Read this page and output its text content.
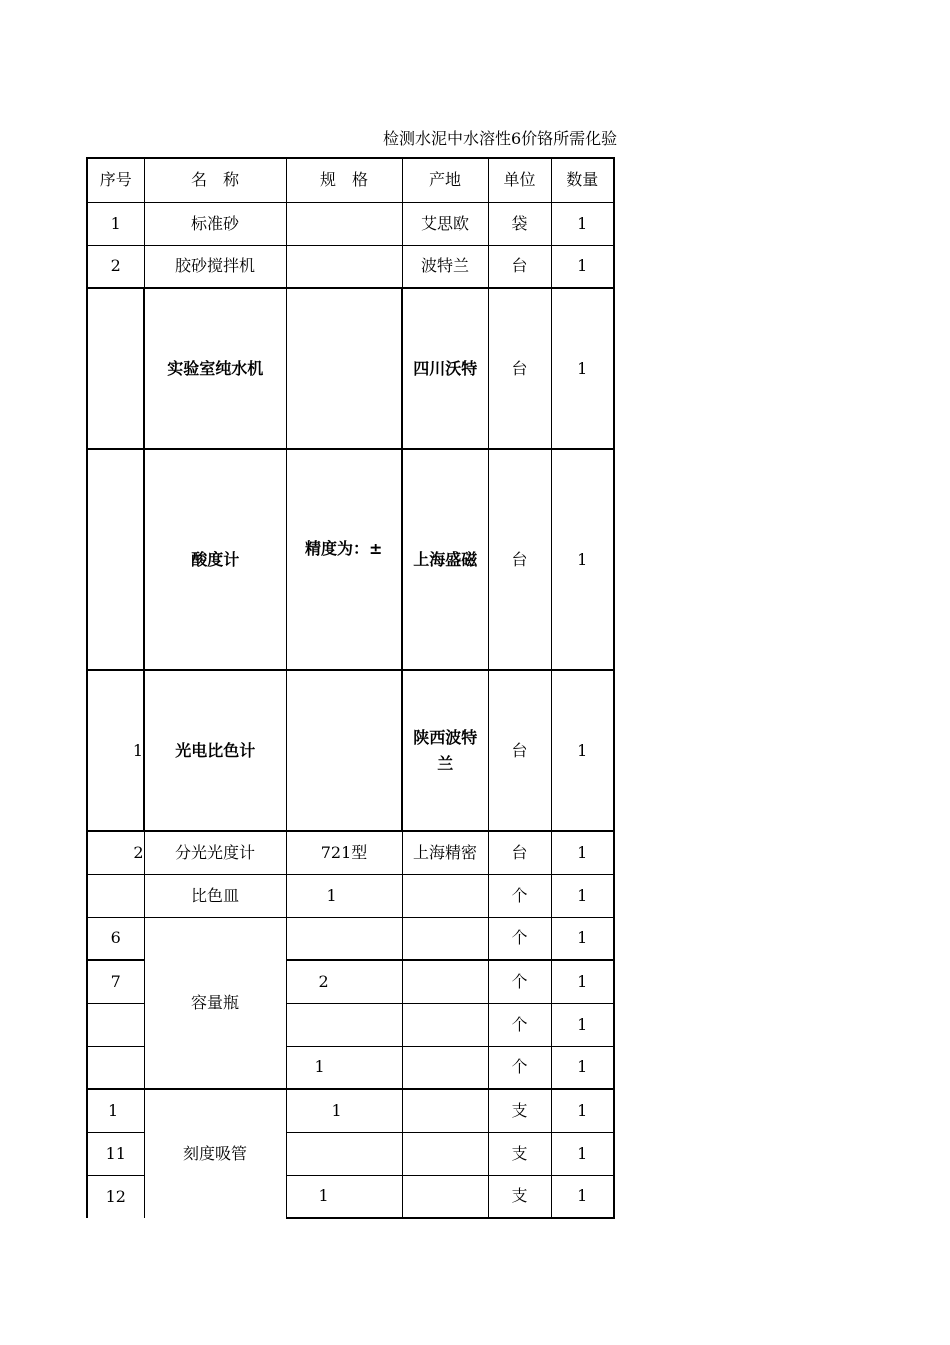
检测水泥中水溶性6价铬所需化验
序号	名　称	规　格	产地	单位	数量
1	标准砂		艾思欧	袋	1
2	胶砂搅拌机		波特兰	台	1
	实验室纯水机		四川沃特	台	1
	酸度计	精度为：±	上海盛磁	台	1
1	光电比色计		陕西波特兰	台	1
2	分光光度计	721型	上海精密	台	1
	比色皿	1		个	1
6	容量瓶			个	1
7		2		个	1
				个	1
		1		个	1
1	刻度吸管	1		支	1
11				支	1
12		1		支	1
